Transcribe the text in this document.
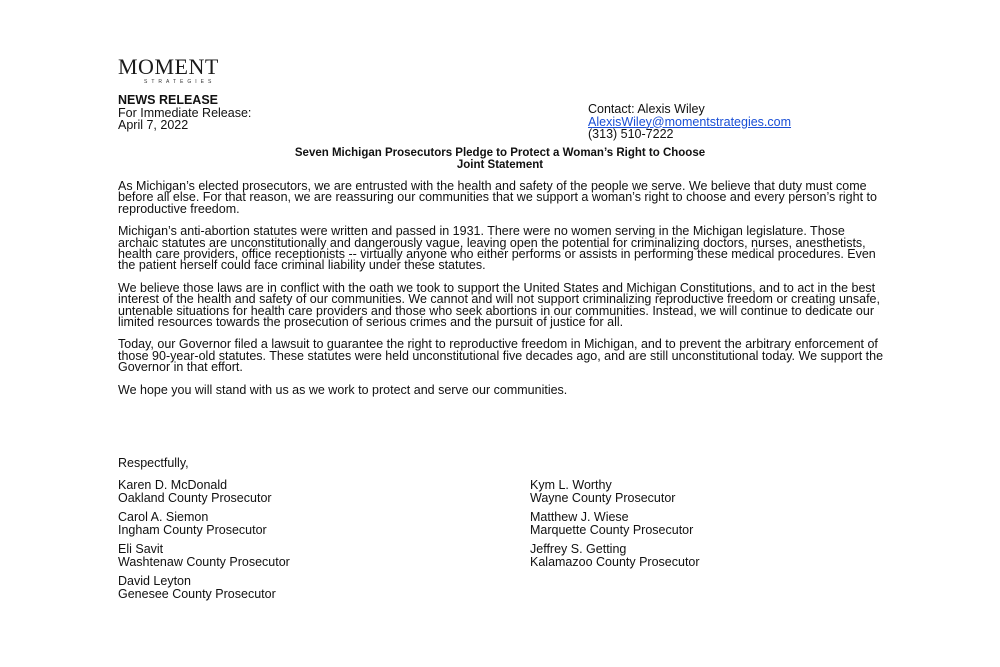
MOMENT
STRATEGIES
NEWS RELEASE
For Immediate Release:
April 7, 2022
Contact: Alexis Wiley
AlexisWiley@momentstrategies.com
(313) 510-7222
Seven Michigan Prosecutors Pledge to Protect a Woman’s Right to Choose
Joint Statement

As Michigan’s elected prosecutors, we are entrusted with the health and safety of the people we serve. We believe that duty must come before all else. For that reason, we are reassuring our communities that we support a woman’s right to choose and every person’s right to reproductive freedom.

Michigan’s anti-abortion statutes were written and passed in 1931. There were no women serving in the Michigan legislature. Those archaic statutes are unconstitutionally and dangerously vague, leaving open the potential for criminalizing doctors, nurses, anesthetists, health care providers, office receptionists -- virtually anyone who either performs or assists in performing these medical procedures. Even the patient herself could face criminal liability under these statutes.

We believe those laws are in conflict with the oath we took to support the United States and Michigan Constitutions, and to act in the best interest of the health and safety of our communities. We cannot and will not support criminalizing reproductive freedom or creating unsafe, untenable situations for health care providers and those who seek abortions in our communities. Instead, we will continue to dedicate our limited resources towards the prosecution of serious crimes and the pursuit of justice for all.

Today, our Governor filed a lawsuit to guarantee the right to reproductive freedom in Michigan, and to prevent the arbitrary enforcement of those 90-year-old statutes. These statutes were held unconstitutional five decades ago, and are still unconstitutional today. We support the Governor in that effort.

We hope you will stand with us as we work to protect and serve our communities.

Respectfully,
Karen D. McDonald
Oakland County Prosecutor
Kym L. Worthy
Wayne County Prosecutor
Carol A. Siemon
Ingham County Prosecutor
Matthew J. Wiese
Marquette County Prosecutor
Eli Savit
Washtenaw County Prosecutor
Jeffrey S. Getting
Kalamazoo County Prosecutor
David Leyton
Genesee County Prosecutor
